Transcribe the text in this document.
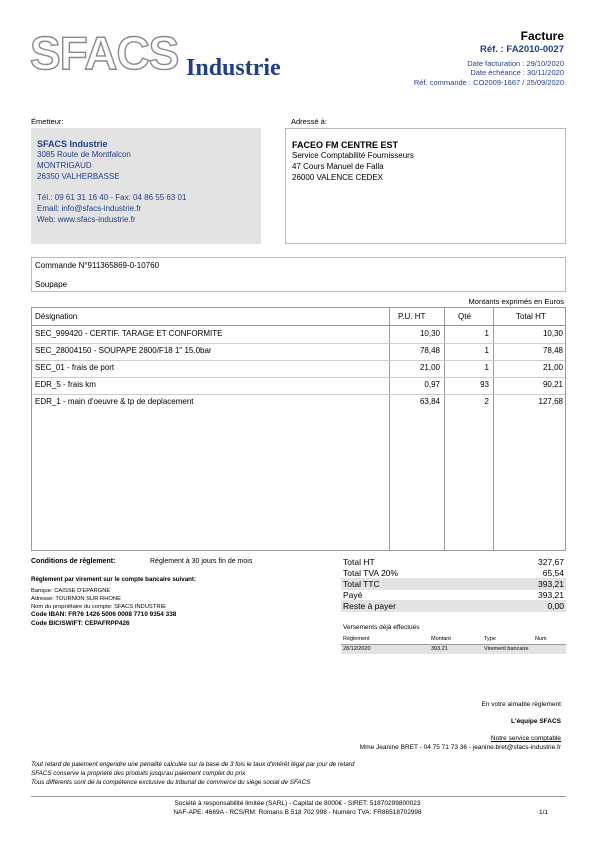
SFACS Industrie
Facture
Réf. : FA2010-0027
Date facturation : 29/10/2020
Date échéance : 30/11/2020
Réf. commande : CO2009-1667 / 25/09/2020
Émetteur:
SFACS Industrie
3085 Route de Montfalcon
MONTRIGAUD
26350 VALHERBASSE
Tél.: 09 61 31 16 40 - Fax: 04 86 55 63 01
Email: info@sfacs-industrie.fr
Web: www.sfacs-industrie.fr
Adressé à:
FACEO FM CENTRE EST
Service Comptabilité Fournisseurs
47 Cours Manuel de Falla
26000 VALENCE CEDEX
Commande N°911365869-0-10760
Soupape
Montants exprimés en Euros
Désignation	P.U. HT	Qté	Total HT
SEC_999420 - CERTIF. TARAGE ET CONFORMITE	10,30	1	10,30
SEC_28004150 - SOUPAPE 2800/F18 1" 15.0bar	78,48	1	78,48
SEC_01 - frais de port	21,00	1	21,00
EDR_5 - frais km	0,97	93	90,21
EDR_1 - main d'oeuvre & tp de deplacement	63,84	2	127,68
Conditions de règlement:	Règlement à 30 jours fin de mois
Règlement par virement sur le compte bancaire suivant:
Banque: CAISSE D'EPARGNE
Adresse: TOURNON SUR RHONE
Nom du propriétaire du compte: SFACS INDUSTRIE
Code IBAN: FR76 1426 5006 0008 7710 9354 338
Code BIC/SWIFT: CEPAFRPP426
Total HT	327,67
Total TVA 20%	65,54
Total TTC	393,21
Payé	393,21
Reste à payer	0,00
Versements déjà effectués
Règlement	Montant	Type	Num
28/12/2020	393,21	Virement bancaire
En votre aimable règlement
L'équipe SFACS
Notre service comptable
Mme Jeanine BRET - 04 75 71 73 36 - jeanine.bret@sfacs-industrie.fr
Tout retard de paiement engendre une pénalité calculée sur la base de 3 fois le taux d'intérêt légal par jour de retard
SFACS conserve la propriété des produits jusqu'au paiement complet du prix
Tous différents sont de la compétence exclusive du tribunal de commerce du siège social de SFACS
Société à responsabilité limitée (SARL) - Capital de 8000€ - SIRET: 51870299800023
NAF-APE: 4669A - RCS/RM: Romans B 518 702 998 - Numéro TVA: FR86518702998	1/1
